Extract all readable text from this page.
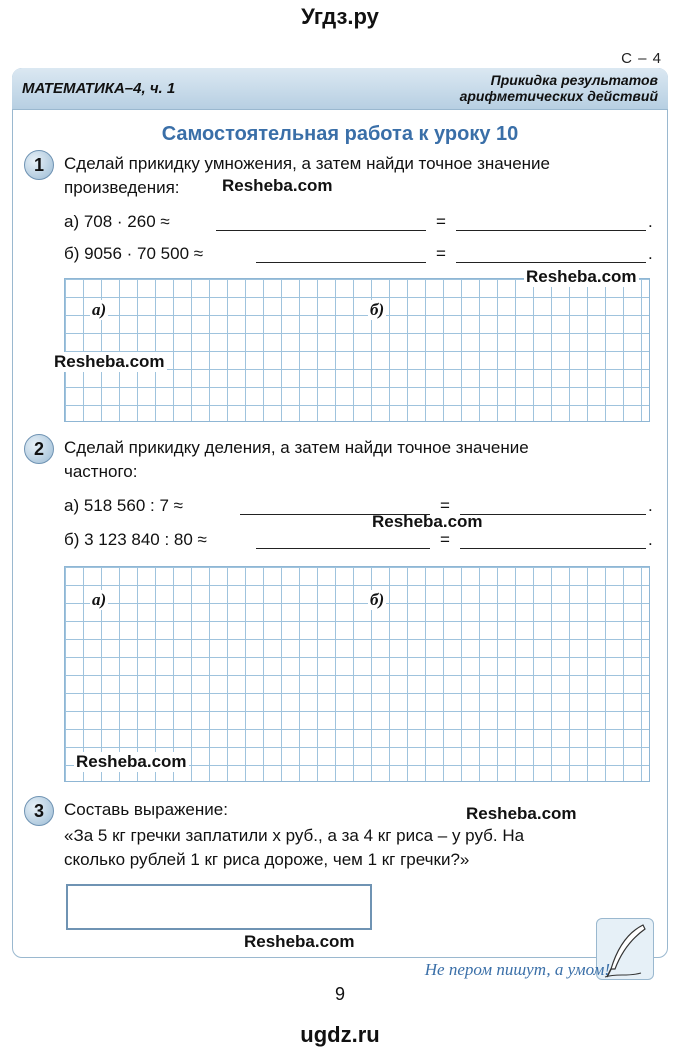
Угдз.ру
С – 4
МАТЕМАТИКА–4, ч. 1	Прикидка результатов
арифметических действий
Самостоятельная работа к уроку 10
1	Сделай прикидку умножения, а затем найди точное значение
произведения: Resheba.com
а) 708 · 260 ≈	=	.
б) 9056 · 70 500 ≈	=	.
Resheba.com
а)	б)
Resheba.com
2	Сделай прикидку деления, а затем найди точное значение
частного:
а) 518 560 : 7 ≈	=	.
Resheba.com
б) 3 123 840 : 80 ≈	=	.
а)	б)
Resheba.com
3	Составь выражение:	Resheba.com
«За 5 кг гречки заплатили x руб., а за 4 кг риса – y руб. На
сколько рублей 1 кг риса дороже, чем 1 кг гречки?»
Resheba.com
Не пером пишут, а умом!
9
ugdz.ru
